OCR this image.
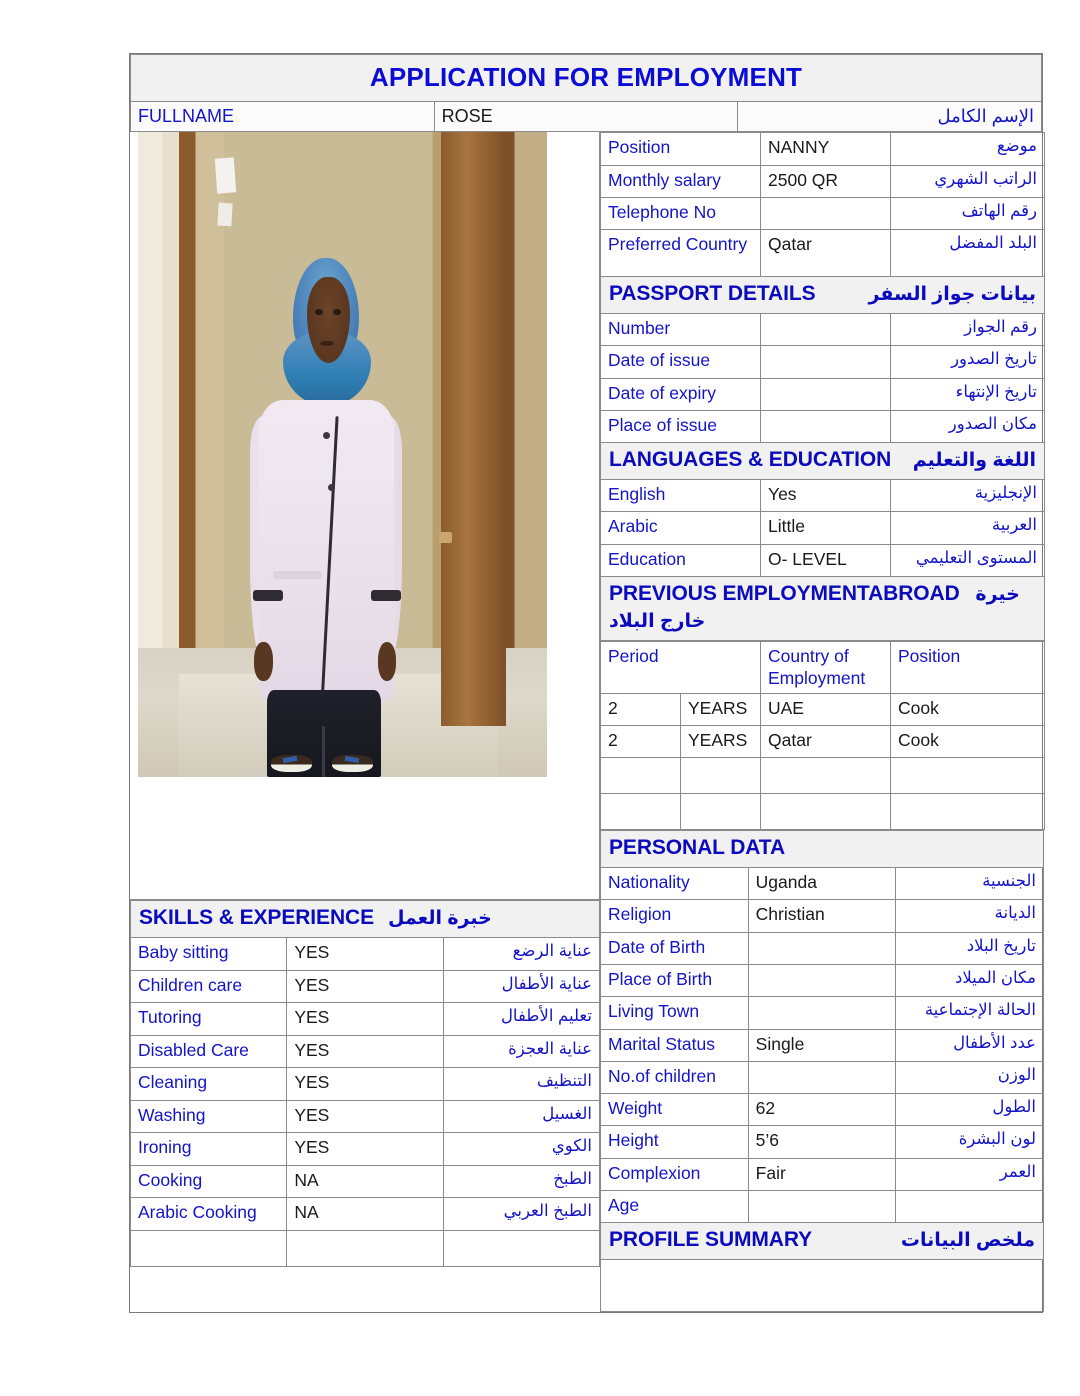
APPLICATION FOR EMPLOYMENT
FULLNAME	ROSE	الإسم الكامل
SKILLS & EXPERIENCE خبرة العمل		

Baby sitting	YES	عناية الرضع
Children care	YES	عناية الأطفال
Tutoring	YES	تعليم الأطفال
Disabled Care	YES	عناية العجزة
Cleaning	YES	التنظيف
Washing	YES	الغسيل
Ironing	YES	الكوي
Cooking	NA	الطبخ
Arabic Cooking	NA	الطبخ العربي

Position	NANNY	موضع
Monthly salary	2500 QR	الراتب الشهري
Telephone No		رقم الهاتف
Preferred Country	Qatar	البلد المفضل

PASSPORT DETAILS بيانات جواز السفر		

Number		رقم الجواز
Date of issue		تاريخ الصدور
Date of expiry		تاريخ الإنتهاء
Place of issue		مكان الصدور

LANGUAGES & EDUCATION اللغة والتعليم		

English	Yes	الإنجليزية
Arabic	Little	العربية
Education	O- LEVEL	المستوى التعليمي
PREVIOUS EMPLOYMENTABROAD خيرة خارج البلاد		
Period		Country of Employment	Position
2	YEARS	UAE	Cook
2	YEARS	Qatar	Cook

PERSONAL DATA		

Nationality	Uganda	الجنسية
Religion	Christian	الديانة
Date of Birth		تاريخ البلاد
Place of Birth		مكان الميلاد
Living Town		الحالة الإجتماعية
Marital Status	Single	عدد الأطفال
No.of children		الوزن
Weight	62	الطول
Height	5’6	لون البشرة
Complexion	Fair	العمر
Age		

PROFILE SUMMARY ملخص البيانات		
